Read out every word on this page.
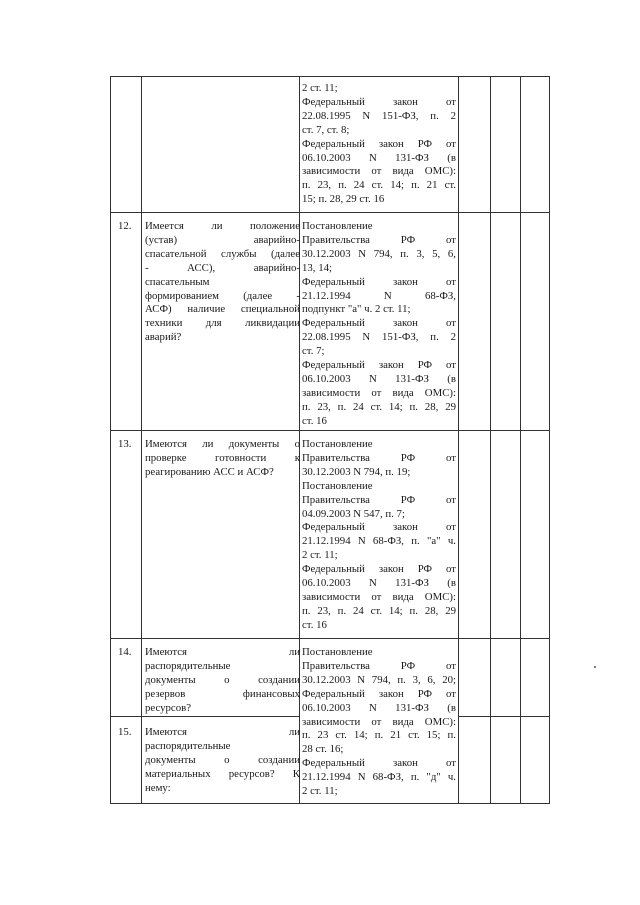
2 ст. 11;
Федеральный закон от
22.08.1995 N 151-ФЗ, п. 2
ст. 7, ст. 8;
Федеральный закон РФ от
06.10.2003 N 131-ФЗ (в
зависимости от вида ОМС):
п. 23, п. 24 ст. 14; п. 21 ст.
15; п. 28, 29 ст. 16
12. Имеется ли положение
(устав) аварийно-
спасательной службы (далее
- АСС), аварийно-
спасательным
формированием (далее -
АСФ) наличие специальной
техники для ликвидации
аварий?
Постановление
Правительства РФ от
30.12.2003 N 794, п. 3, 5, 6,
13, 14;
Федеральный закон от
21.12.1994 N 68-ФЗ,
подпункт "а" ч. 2 ст. 11;
Федеральный закон от
22.08.1995 N 151-ФЗ, п. 2
ст. 7;
Федеральный закон РФ от
06.10.2003 N 131-ФЗ (в
зависимости от вида ОМС):
п. 23, п. 24 ст. 14; п. 28, 29
ст. 16
13. Имеются ли документы о
проверке готовности к
реагированию АСС и АСФ?
Постановление
Правительства РФ от
30.12.2003 N 794, п. 19;
Постановление
Правительства РФ от
04.09.2003 N 547, п. 7;
Федеральный закон от
21.12.1994 N 68-ФЗ, п. "а" ч.
2 ст. 11;
Федеральный закон РФ от
06.10.2003 N 131-ФЗ (в
зависимости от вида ОМС):
п. 23, п. 24 ст. 14; п. 28, 29
ст. 16
14. Имеются ли
распорядительные
документы о создании
резервов финансовых
ресурсов?
15. Имеются ли
распорядительные
документы о создании
материальных ресурсов? К
нему:
Постановление
Правительства РФ от
30.12.2003 N 794, п. 3, 6, 20;
Федеральный закон РФ от
06.10.2003 N 131-ФЗ (в
зависимости от вида ОМС):
п. 23 ст. 14; п. 21 ст. 15; п.
28 ст. 16;
Федеральный закон от
21.12.1994 N 68-ФЗ, п. "д" ч.
2 ст. 11;
